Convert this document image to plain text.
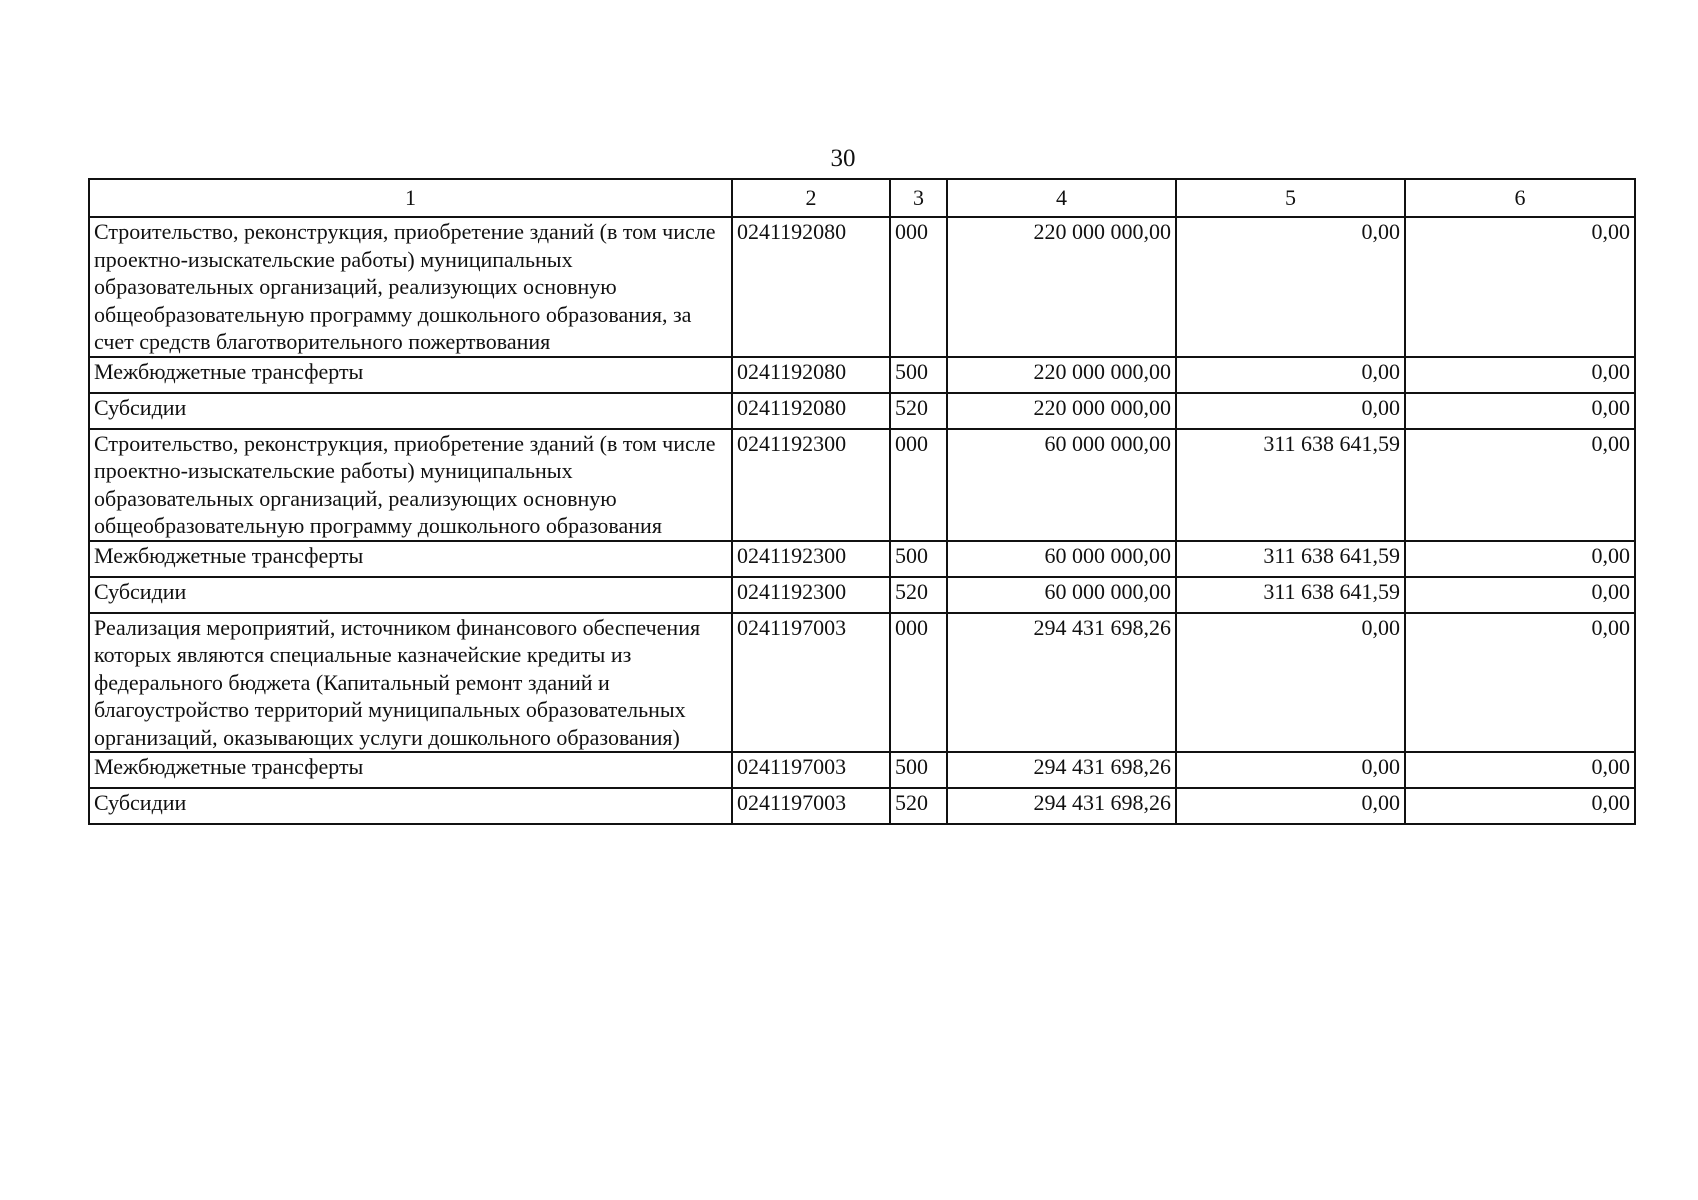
30
1	2	3	4	5	6
Строительство, реконструкция, приобретение зданий (в том числе проектно-изыскательские работы) муниципальных образовательных организаций, реализующих основную общеобразовательную программу дошкольного образования, за счет средств благотворительного пожертвования	0241192080	000	220 000 000,00	0,00	0,00
Межбюджетные трансферты	0241192080	500	220 000 000,00	0,00	0,00
Субсидии	0241192080	520	220 000 000,00	0,00	0,00
Строительство, реконструкция, приобретение зданий (в том числе проектно-изыскательские работы) муниципальных образовательных организаций, реализующих основную общеобразовательную программу дошкольного образования	0241192300	000	60 000 000,00	311 638 641,59	0,00
Межбюджетные трансферты	0241192300	500	60 000 000,00	311 638 641,59	0,00
Субсидии	0241192300	520	60 000 000,00	311 638 641,59	0,00
Реализация мероприятий, источником финансового обеспечения которых являются специальные казначейские кредиты из федерального бюджета (Капитальный ремонт зданий и благоустройство территорий муниципальных образовательных организаций, оказывающих услуги дошкольного образования)	0241197003	000	294 431 698,26	0,00	0,00
Межбюджетные трансферты	0241197003	500	294 431 698,26	0,00	0,00
Субсидии	0241197003	520	294 431 698,26	0,00	0,00
